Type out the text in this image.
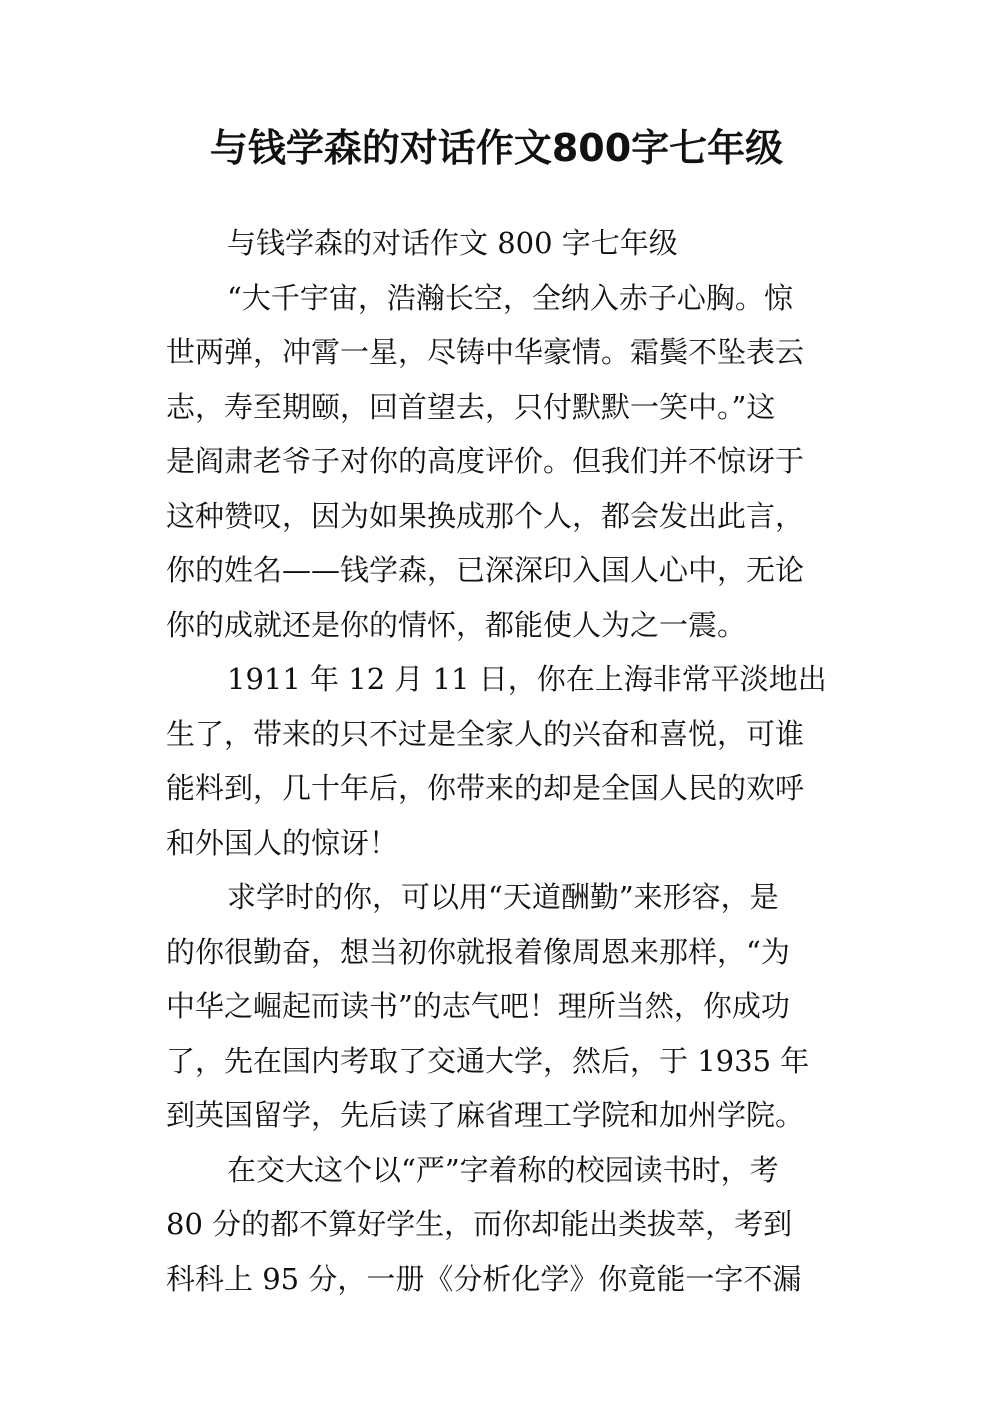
与钱学森的对话作文800字七年级
与钱学森的对话作文 800 字七年级
“大千宇宙，浩瀚长空，全纳入赤子心胸。惊
世两弹，冲霄一星，尽铸中华豪情。霜鬓不坠表云
志，寿至期颐，回首望去，只付默默一笑中。”这
是阎肃老爷子对你的高度评价。但我们并不惊讶于
这种赞叹，因为如果换成那个人，都会发出此言，
你的姓名——钱学森，已深深印入国人心中，无论
你的成就还是你的情怀，都能使人为之一震。
1911 年 12 月 11 日，你在上海非常平淡地出
生了，带来的只不过是全家人的兴奋和喜悦，可谁
能料到，几十年后，你带来的却是全国人民的欢呼
和外国人的惊讶！
求学时的你，可以用“天道酬勤”来形容，是
的你很勤奋，想当初你就报着像周恩来那样，“为
中华之崛起而读书”的志气吧！理所当然，你成功
了，先在国内考取了交通大学，然后，于 1935 年
到英国留学，先后读了麻省理工学院和加州学院。
在交大这个以“严”字着称的校园读书时，考
80 分的都不算好学生，而你却能出类拔萃，考到
科科上 95 分，一册《分析化学》你竟能一字不漏
